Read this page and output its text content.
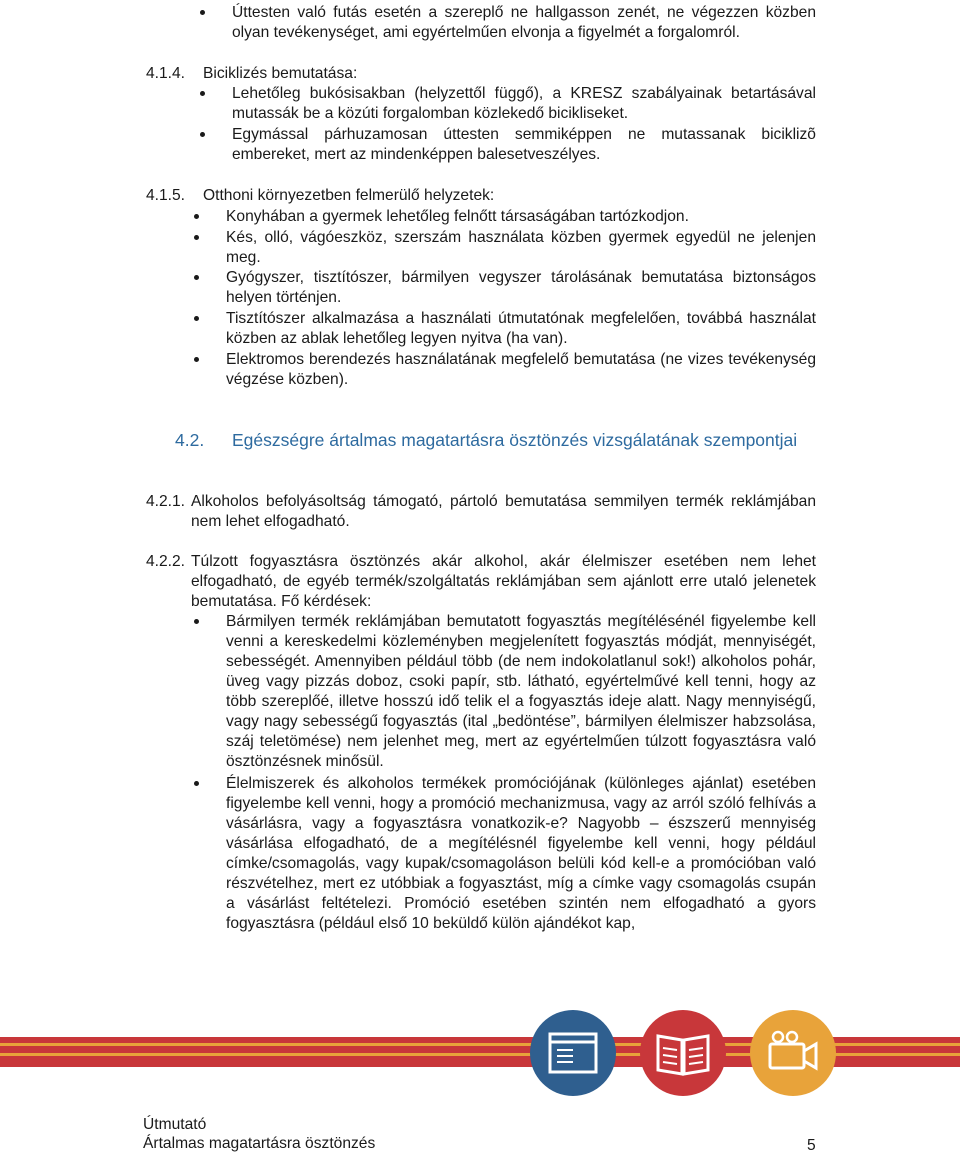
Úttesten való futás esetén a szereplő ne hallgasson zenét, ne végezzen közben olyan tevékenységet, ami egyértelműen elvonja a figyelmét a forgalomról.
4.1.4. Biciklizés bemutatása:
Lehetőleg bukósisakban (helyzettől függő), a KRESZ szabályainak betartásával mutassák be a közúti forgalomban közlekedő bicikliseket.
Egymással párhuzamosan úttesten semmiképpen ne mutassanak biciklizõ embereket, mert az mindenképpen balesetveszélyes.
4.1.5. Otthoni környezetben felmerülő helyzetek:
Konyhában a gyermek lehetőleg felnőtt társaságában tartózkodjon.
Kés, olló, vágóeszköz, szerszám használata közben gyermek egyedül ne jelenjen meg.
Gyógyszer, tisztítószer, bármilyen vegyszer tárolásának bemutatása biztonságos helyen történjen.
Tisztítószer alkalmazása a használati útmutatónak megfelelően, továbbá használat közben az ablak lehetőleg legyen nyitva (ha van).
Elektromos berendezés használatának megfelelő bemutatása (ne vizes tevékenység végzése közben).
4.2. Egészségre ártalmas magatartásra ösztönzés vizsgálatának szempontjai
4.2.1. Alkoholos befolyásoltság támogató, pártoló bemutatása semmilyen termék reklámjában nem lehet elfogadható.
4.2.2. Túlzott fogyasztásra ösztönzés akár alkohol, akár élelmiszer esetében nem lehet elfogadható, de egyéb termék/szolgáltatás reklámjában sem ajánlott erre utaló jelenetek bemutatása. Fő kérdések:
Bármilyen termék reklámjában bemutatott fogyasztás megítélésénél figyelembe kell venni a kereskedelmi közleményben megjelenített fogyasztás módját, mennyiségét, sebességét. Amennyiben például több (de nem indokolatlanul sok!) alkoholos pohár, üveg vagy pizzás doboz, csoki papír, stb. látható, egyértelművé kell tenni, hogy az több szereplőé, illetve hosszú idő telik el a fogyasztás ideje alatt. Nagy mennyiségű, vagy nagy sebességű fogyasztás (ital „bedöntése”, bármilyen élelmiszer habzsolása, száj teletömése) nem jelenhet meg, mert az egyértelműen túlzott fogyasztásra való ösztönzésnek minősül.
Élelmiszerek és alkoholos termékek promóciójának (különleges ajánlat) esetében figyelembe kell venni, hogy a promóció mechanizmusa, vagy az arról szóló felhívás a vásárlásra, vagy a fogyasztásra vonatkozik-e? Nagyobb – észszerű mennyiség vásárlása elfogadható, de a megítélésnél figyelembe kell venni, hogy például címke/csomagolás, vagy kupak/csomagoláson belüli kód kell-e a promócióban való részvételhez, mert ez utóbbiak a fogyasztást, míg a címke vagy csomagolás csupán a vásárlást feltételezi. Promóció esetében szintén nem elfogadható a gyors fogyasztásra (például első 10 beküldő külön ajándékot kap,
Útmutató
Ártalmas magatartásra ösztönzés	5
